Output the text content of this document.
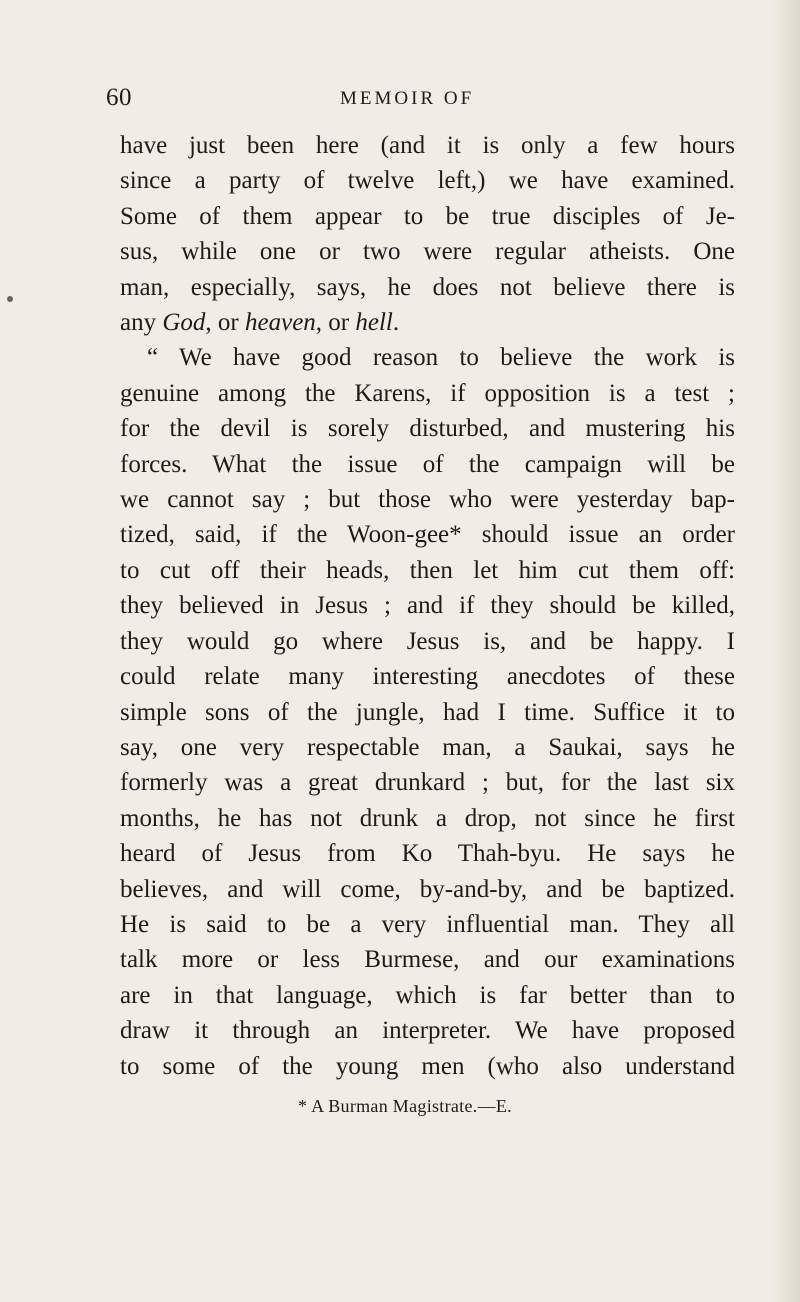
60	MEMOIR OF
have just been here (and it is only a few hours
since a party of twelve left,) we have examined.
Some of them appear to be true disciples of Je-
sus, while one or two were regular atheists. One
man, especially, says, he does not believe there is
any God, or heaven, or hell.
“ We have good reason to believe the work is
genuine among the Karens, if opposition is a test ;
for the devil is sorely disturbed, and mustering his
forces. What the issue of the campaign will be
we cannot say ; but those who were yesterday bap-
tized, said, if the Woon-gee* should issue an order
to cut off their heads, then let him cut them off:
they believed in Jesus ; and if they should be killed,
they would go where Jesus is, and be happy. I
could relate many interesting anecdotes of these
simple sons of the jungle, had I time. Suffice it to
say, one very respectable man, a Saukai, says he
formerly was a great drunkard ; but, for the last six
months, he has not drunk a drop, not since he first
heard of Jesus from Ko Thah-byu. He says he
believes, and will come, by-and-by, and be baptized.
He is said to be a very influential man. They all
talk more or less Burmese, and our examinations
are in that language, which is far better than to
draw it through an interpreter. We have proposed
to some of the young men (who also understand
* A Burman Magistrate.—E.
